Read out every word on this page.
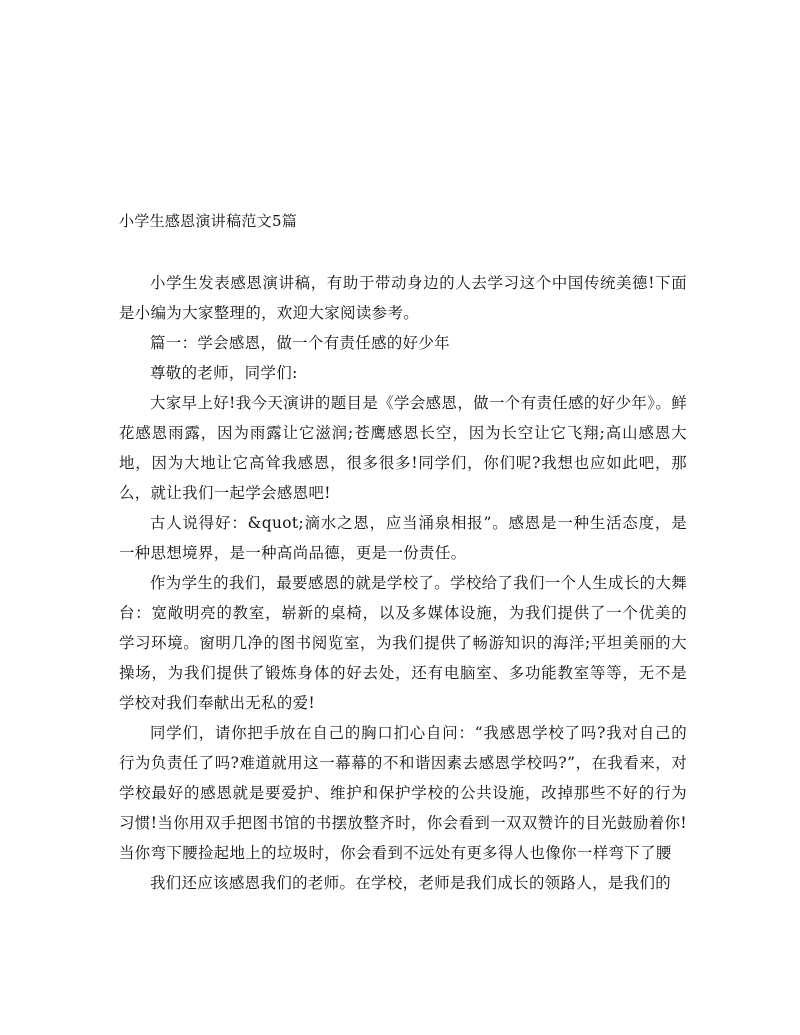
小学生感恩演讲稿范文5篇

小学生发表感恩演讲稿，有助于带动身边的人去学习这个中国传统美德!下面是小编为大家整理的，欢迎大家阅读参考。

篇一：学会感恩，做一个有责任感的好少年

尊敬的老师，同学们:

大家早上好!我今天演讲的题目是《学会感恩，做一个有责任感的好少年》。鲜花感恩雨露，因为雨露让它滋润;苍鹰感恩长空，因为长空让它飞翔;高山感恩大地，因为大地让它高耸我感恩，很多很多!同学们，你们呢?我想也应如此吧，那么，就让我们一起学会感恩吧!

古人说得好：&quot;滴水之恩，应当涌泉相报”。感恩是一种生活态度，是一种思想境界，是一种高尚品德，更是一份责任。

作为学生的我们，最要感恩的就是学校了。学校给了我们一个人生成长的大舞台：宽敞明亮的教室，崭新的桌椅，以及多媒体设施，为我们提供了一个优美的学习环境。窗明几净的图书阅览室，为我们提供了畅游知识的海洋;平坦美丽的大操场，为我们提供了锻炼身体的好去处，还有电脑室、多功能教室等等，无不是学校对我们奉献出无私的爱!

同学们，请你把手放在自己的胸口扪心自问：“我感恩学校了吗?我对自己的行为负责任了吗?难道就用这一幕幕的不和谐因素去感恩学校吗?”，在我看来，对学校最好的感恩就是要爱护、维护和保护学校的公共设施，改掉那些不好的行为习惯!当你用双手把图书馆的书摆放整齐时，你会看到一双双赞许的目光鼓励着你!当你弯下腰捡起地上的垃圾时，你会看到不远处有更多得人也像你一样弯下了腰

我们还应该感恩我们的老师。在学校，老师是我们成长的领路人，是我们的
